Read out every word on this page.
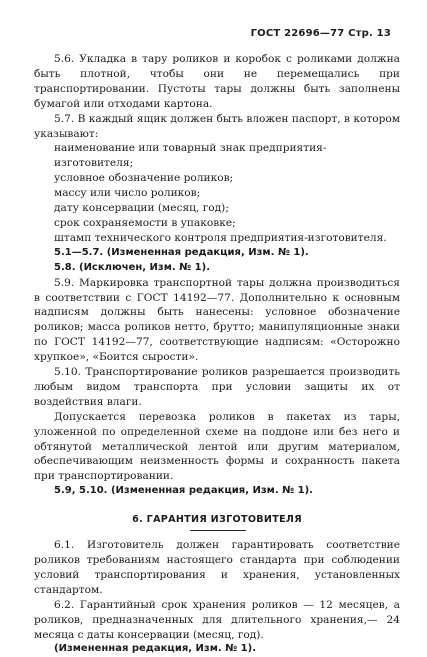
ГОСТ 22696—77 Стр. 13

5.6. Укладка в тару роликов и коробок с роликами должна быть плотной, чтобы они не перемещались при транспортировании. Пустоты тары должны быть заполнены бумагой или отходами картона.

5.7. В каждый ящик должен быть вложен паспорт, в котором указывают:

наименование или товарный знак предприятия-изготовителя;
условное обозначение роликов;
массу или число роликов;
дату консервации (месяц, год);
срок сохраняемости в упаковке;
штамп технического контроля предприятия-изготовителя.

5.1—5.7. (Измененная редакция, Изм. № 1).

5.8. (Исключен, Изм. № 1).

5.9. Маркировка транспортной тары должна производиться в соответствии с ГОСТ 14192—77. Дополнительно к основным надписям должны быть нанесены: условное обозначение роликов; масса роликов нетто, брутто; манипуляционные знаки по ГОСТ 14192—77, соответствующие надписям: «Осторожно хрупкое», «Боится сырости».

5.10. Транспортирование роликов разрешается производить любым видом транспорта при условии защиты их от воздействия влаги.

Допускается перевозка роликов в пакетах из тары, уложенной по определенной схеме на поддоне или без него и обтянутой металлической лентой или другим материалом, обеспечивающим неизменность формы и сохранность пакета при транспортировании.

5.9, 5.10. (Измененная редакция, Изм. № 1).

6. ГАРАНТИЯ ИЗГОТОВИТЕЛЯ

6.1. Изготовитель должен гарантировать соответствие роликов требованиям настоящего стандарта при соблюдении условий транспортирования и хранения, установленных стандартом.

6.2. Гарантийный срок хранения роликов — 12 месяцев, а роликов, предназначенных для длительного хранения,— 24 месяца с даты консервации (месяц, год).

(Измененная редакция, Изм. № 1).
